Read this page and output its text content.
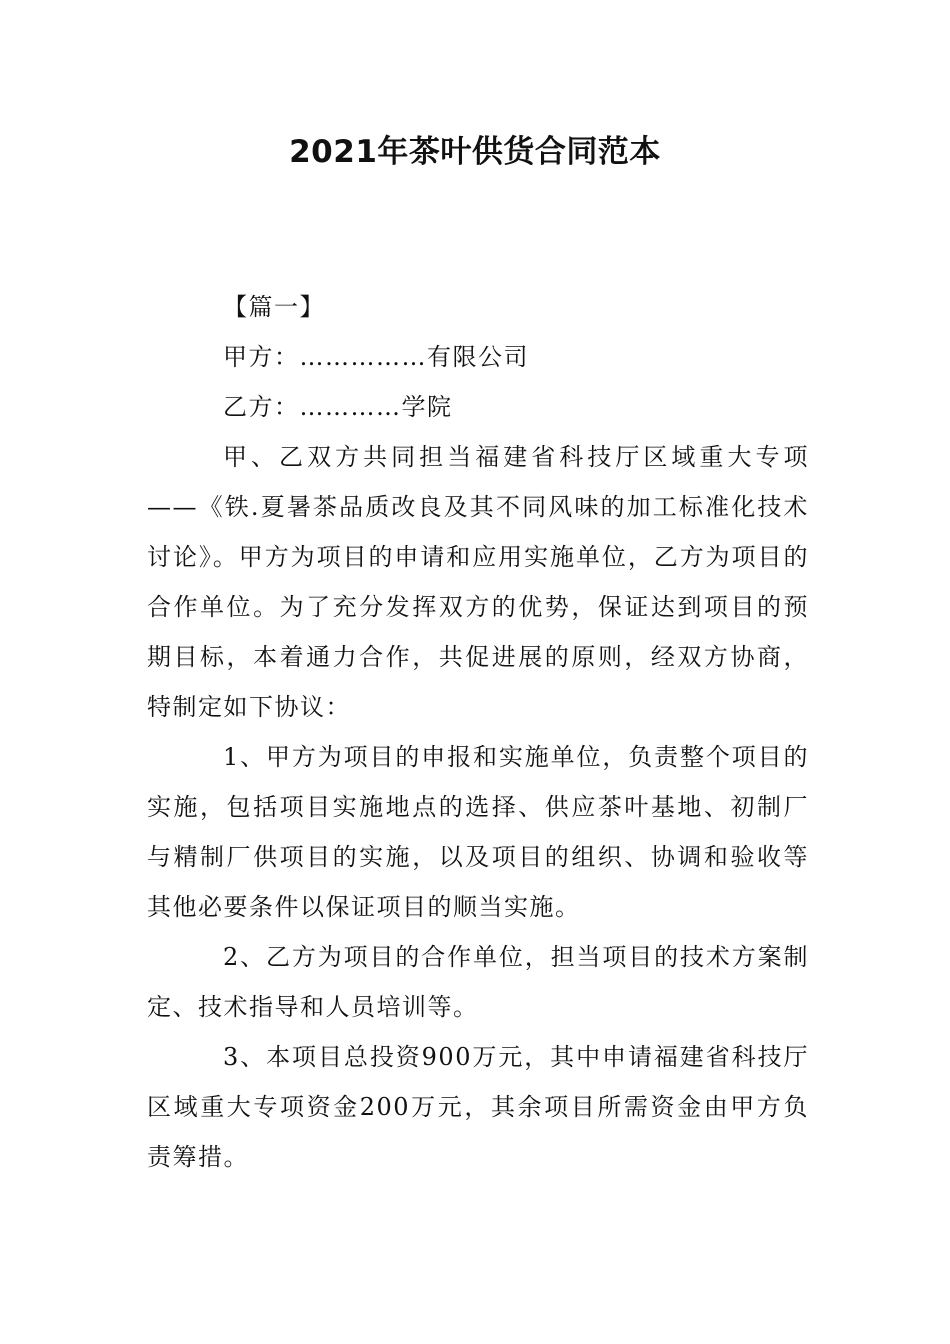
2021年茶叶供货合同范本

【篇一】

甲方：……………有限公司

乙方：…………学院

甲、乙双方共同担当福建省科技厅区域重大专项——《铁.夏暑茶品质改良及其不同风味的加工标准化技术讨论》。甲方为项目的申请和应用实施单位，乙方为项目的合作单位。为了充分发挥双方的优势，保证达到项目的预期目标，本着通力合作，共促进展的原则，经双方协商，特制定如下协议：

1、甲方为项目的申报和实施单位，负责整个项目的实施，包括项目实施地点的选择、供应茶叶基地、初制厂与精制厂供项目的实施，以及项目的组织、协调和验收等其他必要条件以保证项目的顺当实施。

2、乙方为项目的合作单位，担当项目的技术方案制定、技术指导和人员培训等。

3、本项目总投资900万元，其中申请福建省科技厅区域重大专项资金200万元，其余项目所需资金由甲方负责筹措。
